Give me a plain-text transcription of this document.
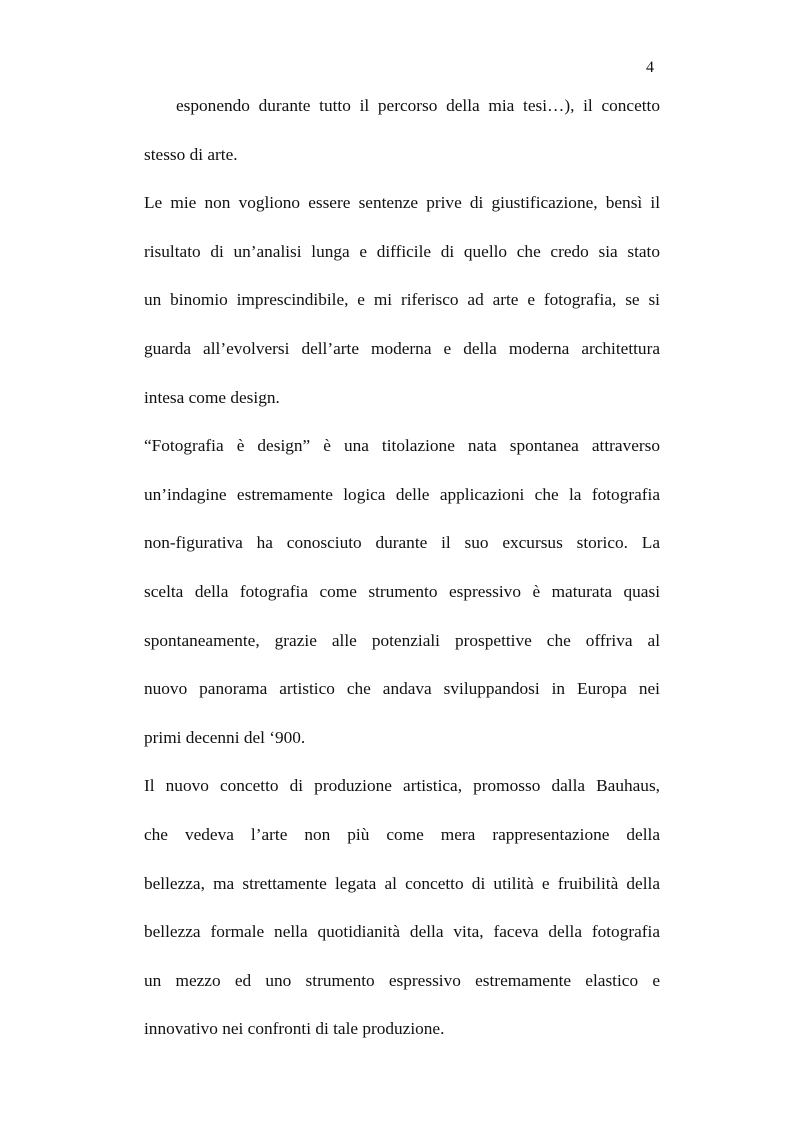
4
esponendo durante tutto il percorso della mia tesi…), il concetto
stesso di arte.
Le mie non vogliono essere sentenze prive di giustificazione, bensì il
risultato di un’analisi lunga e difficile di quello che credo sia stato
un binomio imprescindibile, e mi riferisco ad arte e fotografia, se si
guarda all’evolversi dell’arte moderna e della moderna architettura
intesa come design.
“Fotografia è design” è una titolazione nata spontanea attraverso
un’indagine estremamente logica delle applicazioni che la fotografia
non-figurativa ha conosciuto durante il suo excursus storico. La
scelta della fotografia come strumento espressivo è maturata quasi
spontaneamente, grazie alle potenziali prospettive che offriva al
nuovo panorama artistico che andava sviluppandosi in Europa nei
primi decenni del ‘900.
Il nuovo concetto di produzione artistica, promosso dalla Bauhaus,
che vedeva l’arte non più come mera rappresentazione della
bellezza, ma strettamente legata al concetto di utilità e fruibilità della
bellezza formale nella quotidianità della vita, faceva della fotografia
un mezzo ed uno strumento espressivo estremamente elastico e
innovativo nei confronti di tale produzione.
